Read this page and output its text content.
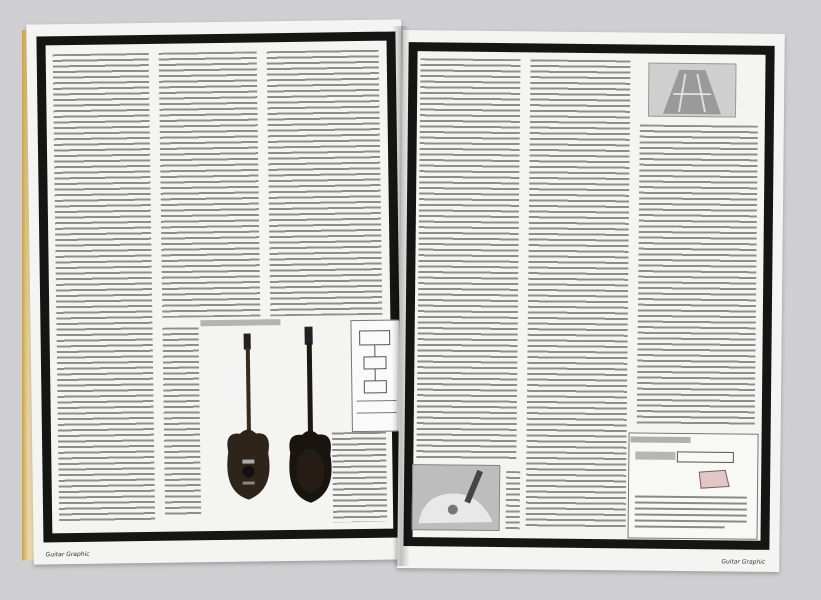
Guitar Graphic
Guitar Graphic
